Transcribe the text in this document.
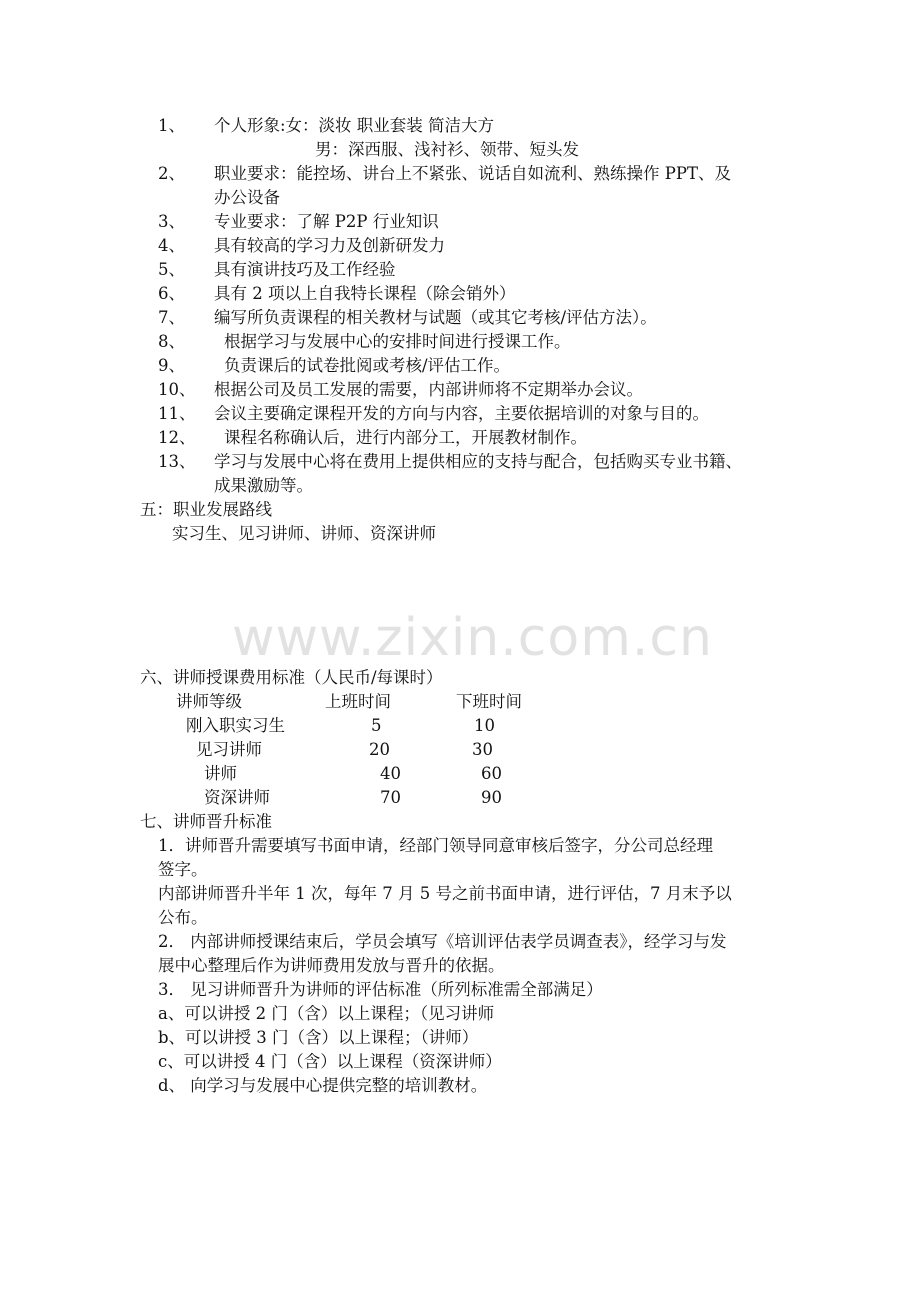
1、 个人形象:女：淡妆 职业套装 简洁大方
男：深西服、浅衬衫、领带、短头发
2、 职业要求：能控场、讲台上不紧张、说话自如流利、熟练操作 PPT、及
办公设备
3、 专业要求：了解 P2P 行业知识
4、 具有较高的学习力及创新研发力
5、 具有演讲技巧及工作经验
6、 具有 2 项以上自我特长课程（除会销外）
7、 编写所负责课程的相关教材与试题（或其它考核/评估方法）。
8、 根据学习与发展中心的安排时间进行授课工作。
9、 负责课后的试卷批阅或考核/评估工作。
10、 根据公司及员工发展的需要，内部讲师将不定期举办会议。
11、 会议主要确定课程开发的方向与内容，主要依据培训的对象与目的。
12、 课程名称确认后，进行内部分工，开展教材制作。
13、 学习与发展中心将在费用上提供相应的支持与配合，包括购买专业书籍、
成果激励等。
五：职业发展路线
实习生、见习讲师、讲师、资深讲师
www.zixin.com.cn
六、讲师授课费用标准（人民币/每课时）
讲师等级	上班时间	下班时间
刚入职实习生	5	10
见习讲师	20	30
讲师	40	60
资深讲师	70	90
七、讲师晋升标准
1．讲师晋升需要填写书面申请，经部门领导同意审核后签字，分公司总经理
签字。
内部讲师晋升半年 1 次，每年 7 月 5 号之前书面申请，进行评估，7 月末予以
公布。
2． 内部讲师授课结束后，学员会填写《培训评估表学员调查表》，经学习与发
展中心整理后作为讲师费用发放与晋升的依据。
3． 见习讲师晋升为讲师的评估标准（所列标准需全部满足）
a、可以讲授 2 门（含）以上课程；（见习讲师
b、可以讲授 3 门（含）以上课程；（讲师）
c、可以讲授 4 门（含）以上课程（资深讲师）
d、 向学习与发展中心提供完整的培训教材。
